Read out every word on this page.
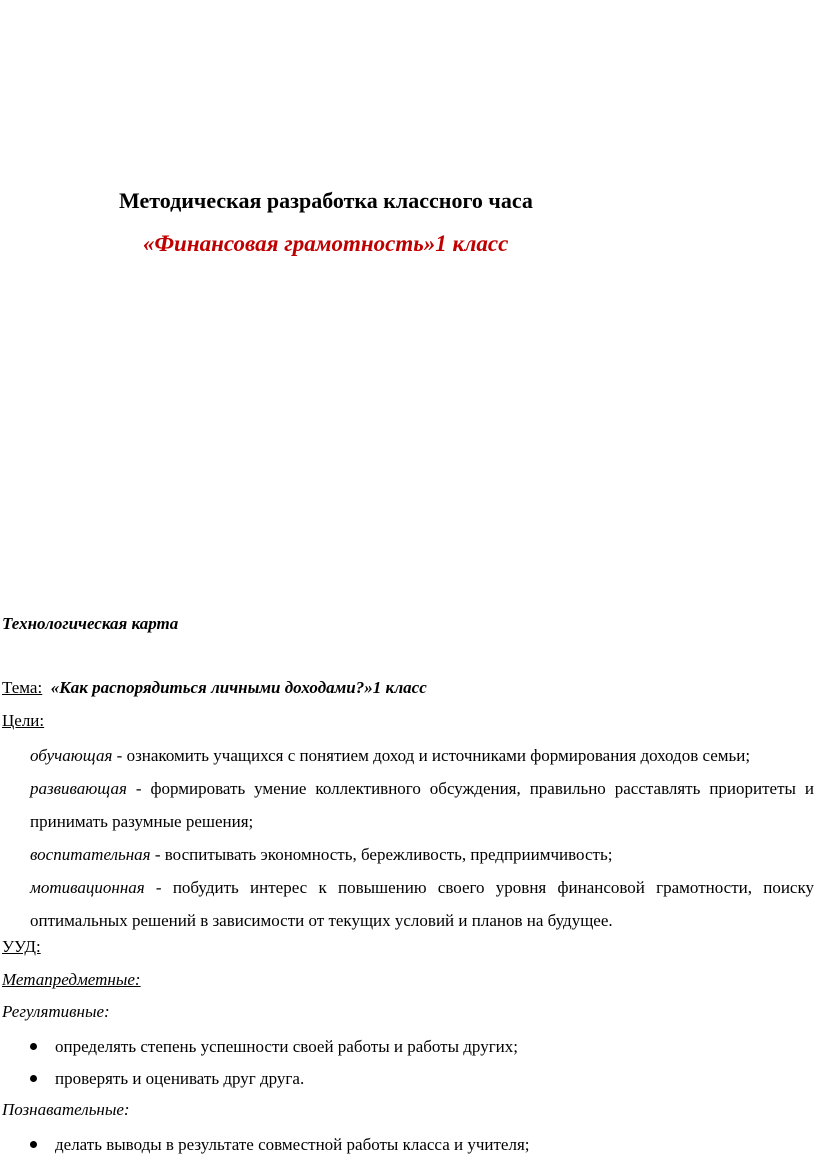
Методическая разработка классного часа
«Финансовая грамотность»1 класс
Технологическая карта
Тема: «Как распорядиться личными доходами?»1 класс
Цели:
обучающая - ознакомить учащихся с понятием доход и источниками формирования доходов семьи;
развивающая - формировать умение коллективного обсуждения, правильно расставлять приоритеты и принимать разумные решения;
воспитательная - воспитывать экономность, бережливость, предприимчивость;
мотивационная - побудить интерес к повышению своего уровня финансовой грамотности, поиску оптимальных решений в зависимости от текущих условий и планов на будущее.
УУД:
Метапредметные:
Регулятивные:
определять степень успешности своей работы и работы других;
проверять и оценивать друг друга.
Познавательные:
делать выводы в результате совместной работы класса и учителя;
